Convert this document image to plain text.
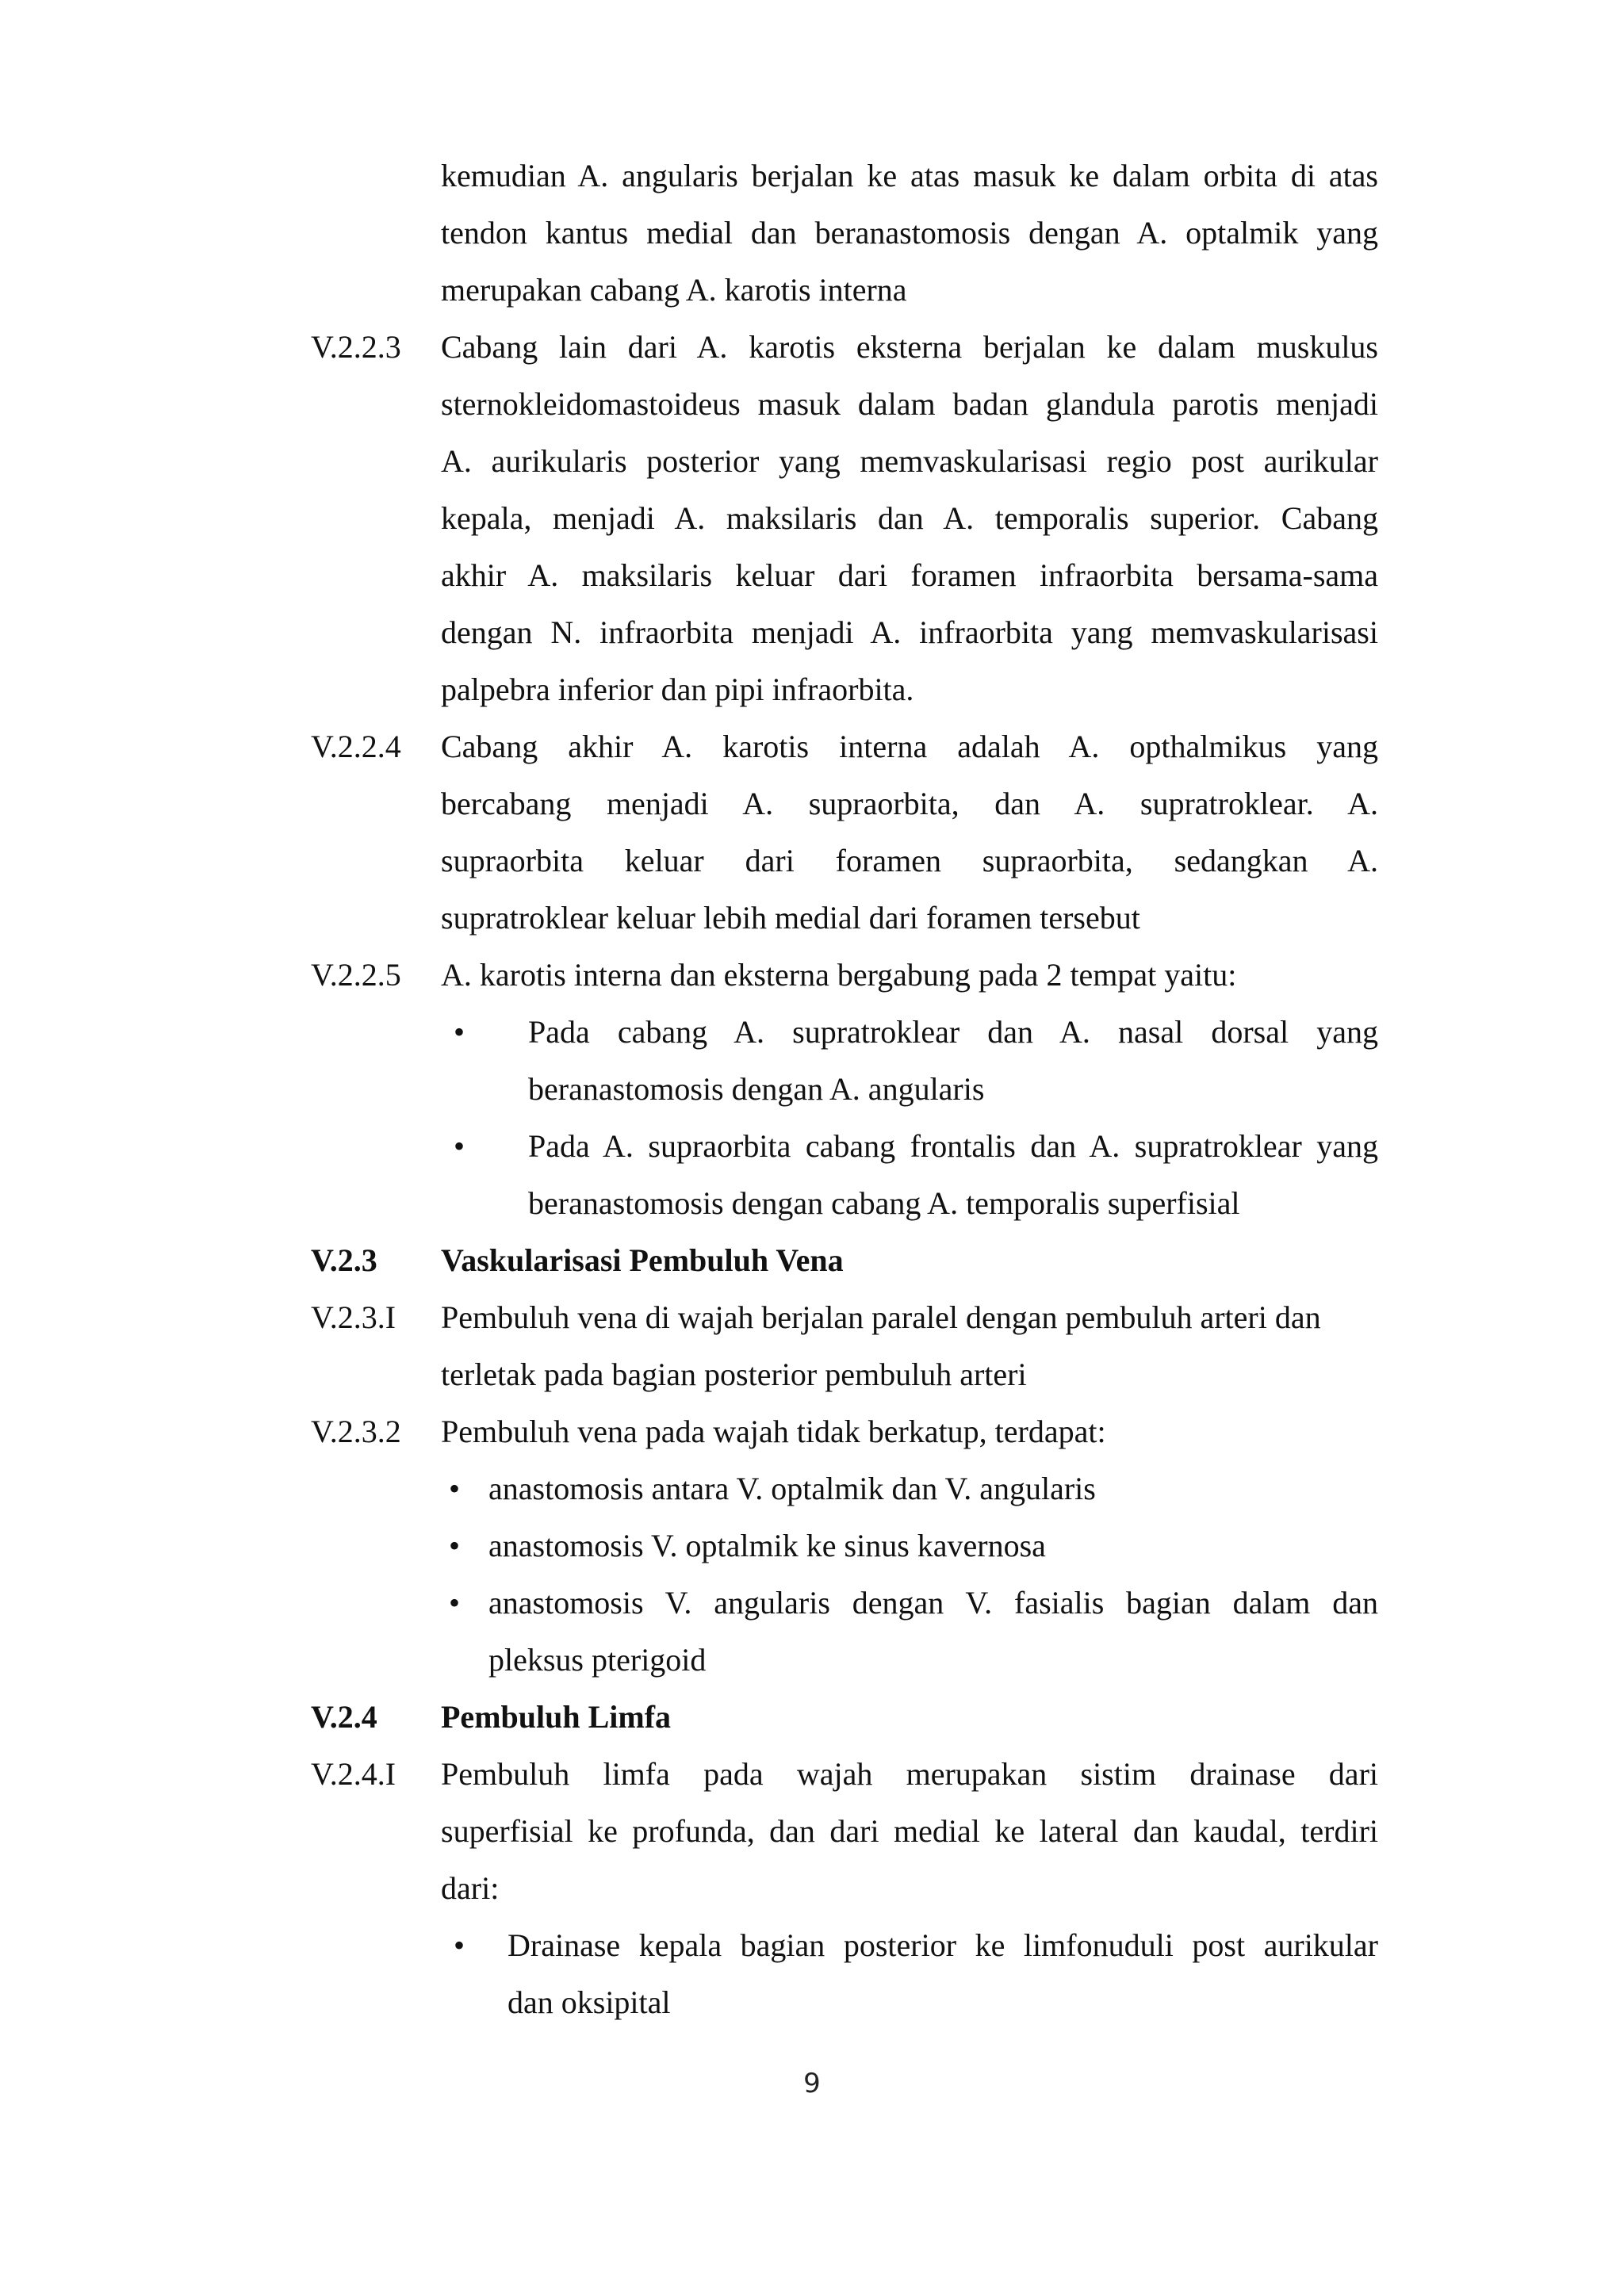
kemudian A. angularis berjalan ke atas masuk ke dalam orbita di atas
tendon kantus medial dan beranastomosis dengan A. optalmik yang
merupakan cabang A. karotis interna
V.2.2.3 Cabang lain dari A. karotis eksterna berjalan ke dalam muskulus
sternokleidomastoideus masuk dalam badan glandula parotis menjadi
A. aurikularis posterior yang memvaskularisasi regio post aurikular
kepala, menjadi A. maksilaris dan A. temporalis superior. Cabang
akhir A. maksilaris keluar dari foramen infraorbita bersama-sama
dengan N. infraorbita menjadi A. infraorbita yang memvaskularisasi
palpebra inferior dan pipi infraorbita.
V.2.2.4 Cabang akhir A. karotis interna adalah A. opthalmikus yang
bercabang menjadi A. supraorbita, dan A. supratroklear. A.
supraorbita keluar dari foramen supraorbita, sedangkan A.
supratroklear keluar lebih medial dari foramen tersebut
V.2.2.5 A. karotis interna dan eksterna bergabung pada 2 tempat yaitu:
• Pada cabang A. supratroklear dan A. nasal dorsal yang
beranastomosis dengan A. angularis
• Pada A. supraorbita cabang frontalis dan A. supratroklear yang
beranastomosis dengan cabang A. temporalis superfisial
V.2.3 Vaskularisasi Pembuluh Vena
V.2.3.I Pembuluh vena di wajah berjalan paralel dengan pembuluh arteri dan
terletak pada bagian posterior pembuluh arteri
V.2.3.2 Pembuluh vena pada wajah tidak berkatup, terdapat:
• anastomosis antara V. optalmik dan V. angularis
• anastomosis V. optalmik ke sinus kavernosa
• anastomosis V. angularis dengan V. fasialis bagian dalam dan
pleksus pterigoid
V.2.4 Pembuluh Limfa
V.2.4.I Pembuluh limfa pada wajah merupakan sistim drainase dari
superfisial ke profunda, dan dari medial ke lateral dan kaudal, terdiri
dari:
• Drainase kepala bagian posterior ke limfonuduli post aurikular
dan oksipital
9
